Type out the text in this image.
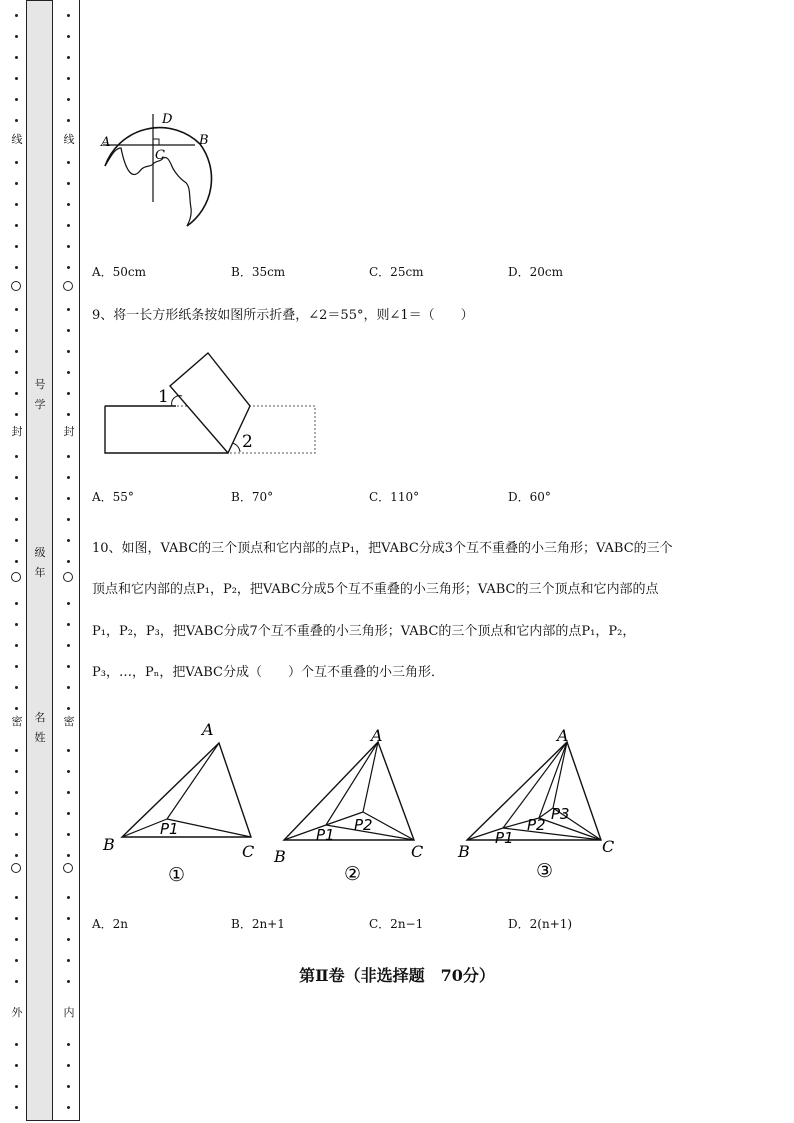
线
封
密
外
线
封
密
内
号
学
级
年
名
姓
A	B
C
D
A．50cm	B．35cm	C．25cm	D．20cm
9、将一长方形纸条按如图所示折叠，∠2＝55°，则∠1＝（　　）
1
2
A．55°	B．70°	C．110°	D．60°
10、如图，VABC的三个顶点和它内部的点P₁，把VABC分成3个互不重叠的小三角形；VABC的三个
顶点和它内部的点P₁，P₂，把VABC分成5个互不重叠的小三角形；VABC的三个顶点和它内部的点
P₁，P₂，P₃，把VABC分成7个互不重叠的小三角形；VABC的三个顶点和它内部的点P₁，P₂，
P₃，…，Pₙ，把VABC分成（　　）个互不重叠的小三角形．
A
B	C
P1
①
A
B	C
P1
P2
②
A
B	C
P1
P2
P3
③
A．2n	B．2n+1	C．2n−1	D．2(n+1)
第Ⅱ卷（非选择题　70分）
